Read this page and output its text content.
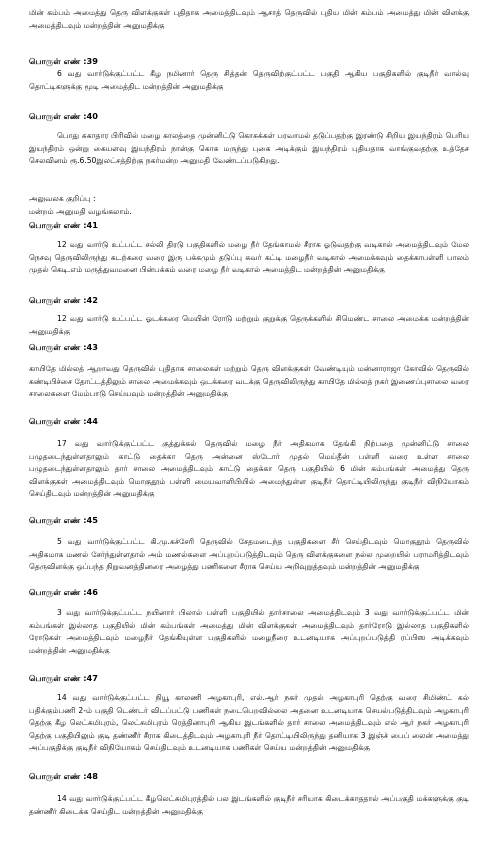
மின் கம்பம் அமைத்து தெரு விளக்குகள் புதிதாக அமைத்திடவும் ஆசாத் தெருவில் புதிய மின் கம்பம் அமைத்து மின் விளக்கு அமைத்திடவும் மன்றத்தின் அனுமதிக்கு

பொருள் எண் :39

6 வது வார்டுக்குட்பட்ட கீழ நமினார் தெரு சித்தன் தெருவிற்குட்பட்ட பகுதி ஆகிய பகுதிகளில் குடிநீர் வால்வு தொட்டிகளுக்கு மூடி அமைத்திட மன்றத்தின் அனுமதிக்கு

பொருள் எண் :40

பொது சுகாதார பிரிவில் மழை காலத்தை முன்னிட்டு கொசுக்கள் பரவாமல் தடுப்பதற்கு இரண்டு சிறிய இயந்திரம் பெரிய இயந்திரம் ஒன்று கையளவு இயந்திரம் நான்கு கொசு மருந்து புகை அடிக்கும் இயந்திரம் புதியதாக வாங்குவதற்கு உத்தேச செலவினம் ரூ.6.50இலட்சத்திற்கு நகர்மன்ற அனுமதி வேண்டப்படுகிறது.

அலுவலக குறிப்பு :

மன்றம் அனுமதி வழங்கலாம்.

பொருள் எண் :41

12 வது வார்டு உட்பட்ட சல்லி திரடு பகுதிகளில் மழை நீர் தேங்காமல் சீராக ஓடுவதற்கு வடிகால் அமைத்திடவும் மேல நெசவு தெருவிலிருந்து கடற்கரை வரை இரு பக்கமும் தடுப்பு சுவர் கட்டி மழைநீர் வடிகால் அமைக்கவும் தைக்காபள்ளி பாலம் முதல் கெடி.எம் மருத்துவமனை பின்பக்கம் வரை மழை நீர் வடிகால் அமைத்திட மன்றத்தின் அனுமதிக்கு

பொருள் எண் :42

12 வது வார்டு உட்பட்ட ஓடக்கரை மெயின் ரோடு மற்றும் குறுக்கு தெருக்களில் சிமெண்ட சாலை அமைக்க மன்றத்தின் அனுமதிக்கு

பொருள் எண் :43

காயிதே மில்லத் ஆறாவது தெருவில் புதிதாக சாலைகள் மற்றும் தெரு விளக்குகள் வேண்டியும் மன்னாராஜா கோவில் தெருவில் கண்டிபிச்சை தோட்டத்திலும் சாலை அமைக்கவும் ஒடக்கரை வடக்கு தெருவிலிருந்து காயிதே மில்லத் நகர் இணைப்புசாலை வரை சாலைகளை மேம்பாடு செய்யவும் மன்றத்தின் அனுமதிக்கு

பொருள் எண் :44

17 வது வார்டுக்குட்பட்ட குத்துக்கல் தெருவில் மழை நீர் அதிகமாக தேங்கி நிற்பதை முன்னிட்டு சாலை பழுதடைந்துள்ளதாலும் காட்டு தைக்கா தெரு அன்னை ஸ்டோர் முதல் மெய்தீன் பள்ளி வரை உள்ள சாலை பழுதடைந்துள்ளதாலும் தார் சாலை அமைத்திடவும் காட்டு தைக்கா தெரு பகுதியில் 6 மின் கம்பங்கள் அமைத்து தெரு விளக்குகள் அமைத்திடவும் மொகுதூம் பள்ளி மையவாளிபியில் அமைந்துள்ள குடிநீர் தொட்டியிலிருந்து குடிநீர் விநியோகம் செய்திடவும் மன்றத்தின் அனுமதிக்கு

பொருள் எண் :45

5 வது வார்டுக்குட்பட்ட கி.மு.கச்சேரி தெருவில் சேதமடைந்த பகுதிகளை சீர் செய்திடவும் மொகுதூம் தெருவில் அதிகமாக மணல் சேர்ந்துள்ளதால் அம் மணல்களை அப்புறப்படுத்திடவும் தெரு விளக்குகளை நல்ல முறையில் பராமரித்திடவும் தெருவிளக்கு ஒப்பந்த நிறுவனத்தினரை அழைத்து பணிகளை சீராக செய்ய அறிவுறுத்தவும் மன்றத்தின் அனுமதிக்கு

பொருள் எண் :46

3 வது வார்டுக்குட்பட்ட நயினார் பிலால் பள்ளி பகுதியில் தார்சாலை அமைத்திடவும் 3 வது வார்டுக்குட்பட்ட மின் கம்பங்கள் இல்லாத பகுதியில் மின் கம்பங்கள் அமைத்து மின் விளக்குகள் அமைத்திடவும் தார்ரோடு இல்லாத பகுதிகளில் ரோடுகள் அமைத்திடவும் மழைநீர் தேங்கியுள்ள பகுதிகளில் மழைநீரை உடனடியாக அப்புறப்படுத்தி ரப்பிஸ அடிக்கவும் மன்றத்தின் அனுமதிக்கு

பொருள் எண் :47

14 வது வார்டுக்குட்பட்ட நியூ காலணி அழகாபுரி, எல்.ஆர் நகர் முதல் அழகாபுரி தெற்கு வரை சிமிண்ட் கல் பதிக்கும்பணி 2-ம் பகுதி டெண்டர் விடப்பட்டு பணிகள் நடைபெறவில்லை அதனை உடனடியாக செயல்படுத்திடவும் அழகாபுரி தெற்கு கீழ லெட்சுமிபுரம், லெட்சுமிபுரம் ரெத்தினாபுரி ஆகிய இடங்களில் தார் சாலை அமைத்திடவும் எல் ஆர் நகர் அழகாபுரி தெற்கு பகுதியிலும் குடி தண்ணீர் சீராக கிடைத்திடவும் அழகாபுரி நீர் தொட்டியிலிருந்து தனியாக 3 இஞ்ச் பைப் லைன் அமைத்து அப்பகுதிக்கு குடிநீர் விநியோகம் செய்திடவும் உடனடியாக பணிகள் செய்ய மன்றத்தின் அனுமதிக்கு

பொருள் எண் :48

14 வது வார்டுக்குட்பட்ட கீழலெட்சுமிபுரத்தில் பல இடங்களில் குடிநீர் சரியாக கிடைக்காததால் அப்பகுதி மக்களுக்கு குடி தண்ணீர் கிடைக்க செய்திட மன்றத்தின் அனுமதிக்கு
